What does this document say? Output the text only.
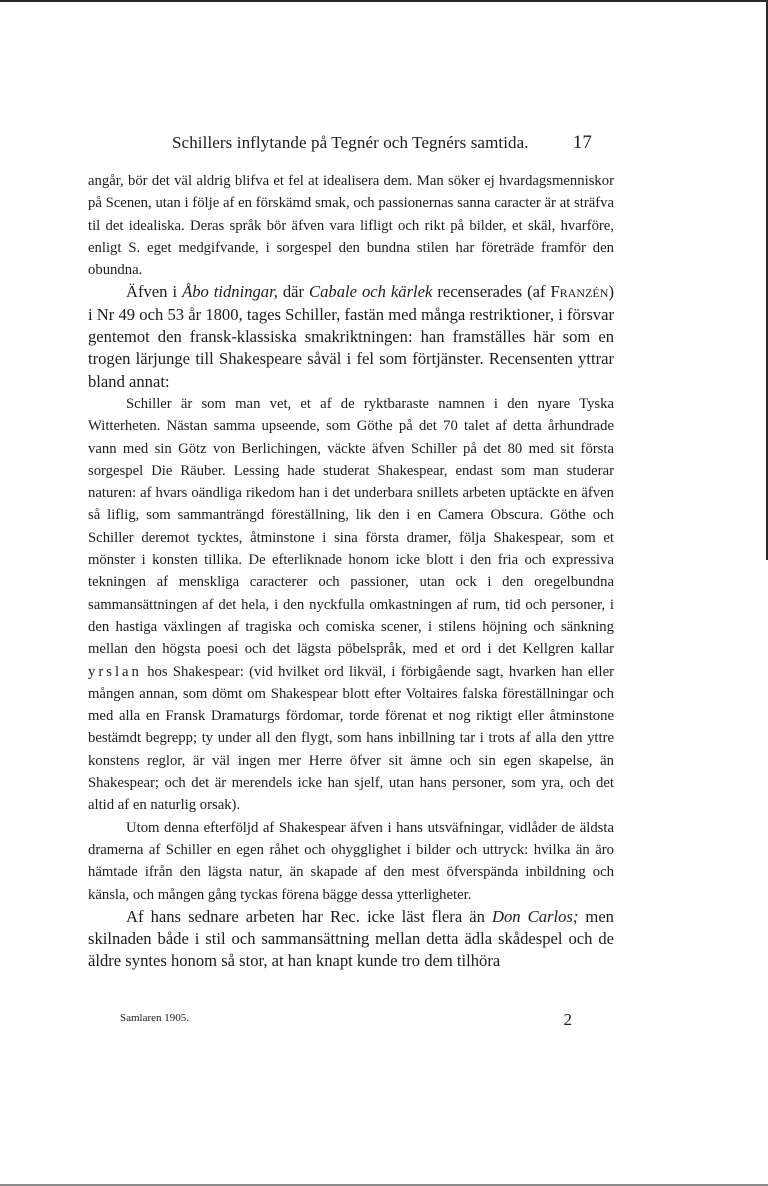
Schillers inflytande på Tegnér och Tegnérs samtida. 17

angår, bör det väl aldrig blifva et fel at idealisera dem. Man söker ej hvardagsmenniskor på Scenen, utan i följe af en förskämd smak, och passionernas sanna caracter är at sträfva til det idealiska. Deras språk bör äfven vara lifligt och rikt på bilder, et skäl, hvarföre, enligt S. eget medgifvande, i sorgespel den bundna stilen har företräde framför den obundna.

Äfven i Åbo tidningar, där Cabale och kärlek recenserades (af Franzén) i Nr 49 och 53 år 1800, tages Schiller, fastän med många restriktioner, i försvar gentemot den fransk-klassiska smakriktningen: han framställes här som en trogen lärjunge till Shakespeare såväl i fel som förtjänster. Recensenten yttrar bland annat:

Schiller är som man vet, et af de ryktbaraste namnen i den nyare Tyska Witterheten. Nästan samma upseende, som Göthe på det 70 talet af detta århundrade vann med sin Götz von Berlichingen, väckte äfven Schiller på det 80 med sit första sorgespel Die Räuber. Lessing hade studerat Shakespear, endast som man studerar naturen: af hvars oändliga rikedom han i det underbara snillets arbeten uptäckte en äfven så liflig, som sammanträngd föreställning, lik den i en Camera Obscura. Göthe och Schiller deremot tycktes, åtminstone i sina första dramer, följa Shakespear, som et mönster i konsten tillika. De efterliknade honom icke blott i den fria och expressiva tekningen af menskliga caracterer och passioner, utan ock i den oregelbundna sammansättningen af det hela, i den nyckfulla omkastningen af rum, tid och personer, i den hastiga växlingen af tragiska och comiska scener, i stilens höjning och sänkning mellan den högsta poesi och det lägsta pöbelspråk, med et ord i det Kellgren kallar yrslan hos Shakespear: (vid hvilket ord likväl, i förbigående sagt, hvarken han eller mången annan, som dömt om Shakespear blott efter Voltaires falska föreställningar och med alla en Fransk Dramaturgs fördomar, torde förenat et nog riktigt eller åtminstone bestämdt begrepp; ty under all den flygt, som hans inbillning tar i trots af alla den yttre konstens reglor, är väl ingen mer Herre öfver sit ämne och sin egen skapelse, än Shakespear; och det är merendels icke han sjelf, utan hans personer, som yra, och det altid af en naturlig orsak).

Utom denna efterföljd af Shakespear äfven i hans utsväfningar, vidlåder de äldsta dramerna af Schiller en egen råhet och ohygglighet i bilder och uttryck: hvilka än äro hämtade ifrån den lägsta natur, än skapade af den mest öfverspända inbildning och känsla, och mången gång tyckas förena bägge dessa ytterligheter.

Af hans sednare arbeten har Rec. icke läst flera än Don Carlos; men skilnaden både i stil och sammansättning mellan detta ädla skådespel och de äldre syntes honom så stor, at han knapt kunde tro dem tilhöra

Samlaren 1905.	2
